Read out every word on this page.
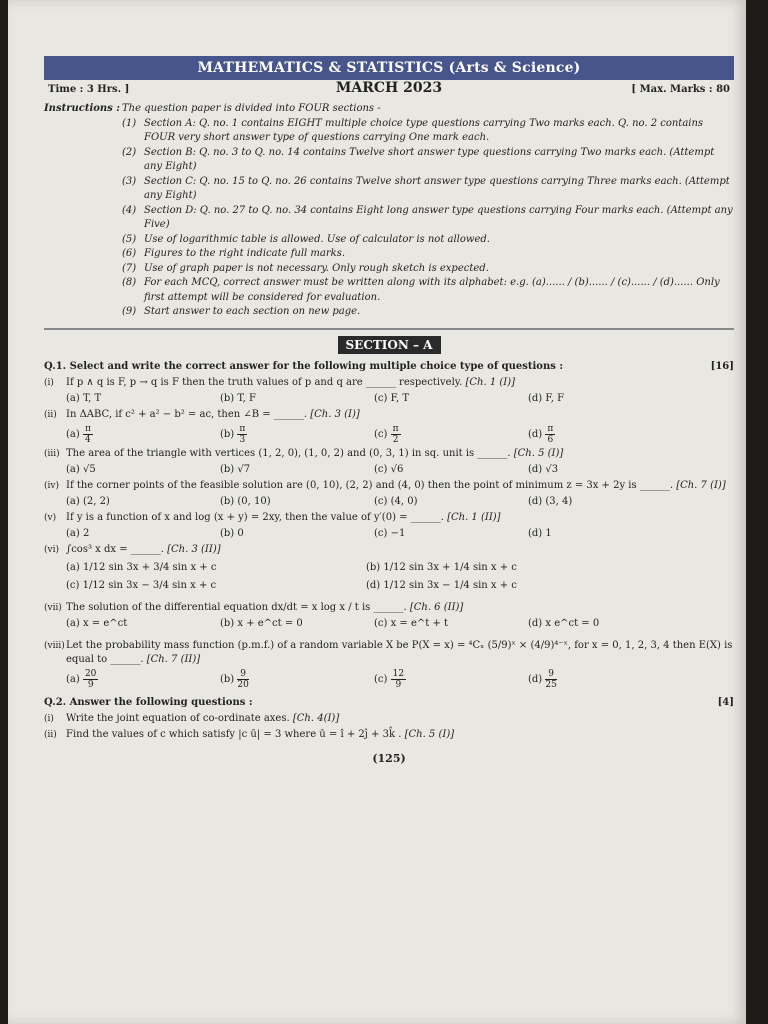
MATHEMATICS & STATISTICS (Arts & Science)
Time : 3 Hrs. ]	MARCH 2023	[ Max. Marks : 80
Instructions : The question paper is divided into FOUR sections -
(1) Section A: Q. no. 1 contains EIGHT multiple choice type questions carrying Two marks each. Q. no. 2 contains FOUR very short answer type of questions carrying One mark each.
(2) Section B: Q. no. 3 to Q. no. 14 contains Twelve short answer type questions carrying Two marks each. (Attempt any Eight)
(3) Section C: Q. no. 15 to Q. no. 26 contains Twelve short answer type questions carrying Three marks each. (Attempt any Eight)
(4) Section D: Q. no. 27 to Q. no. 34 contains Eight long answer type questions carrying Four marks each. (Attempt any Five)
(5) Use of logarithmic table is allowed. Use of calculator is not allowed.
(6) Figures to the right indicate full marks.
(7) Use of graph paper is not necessary. Only rough sketch is expected.
(8) For each MCQ, correct answer must be written along with its alphabet: e.g. (a)...... / (b)...... / (c)...... / (d)...... Only first attempt will be considered for evaluation.
(9) Start answer to each section on new page.
SECTION – A
Q.1. Select and write the correct answer for the following multiple choice type of questions :	[16]
(i)	If p ∧ q is F, p → q is F then the truth values of p and q are ______ respectively. [Ch. 1 (I)]
(a) T, T	(b) T, F	(c) F, T	(d) F, F
(ii) In ΔABC, if c² + a² − b² = ac, then ∠B = ______. [Ch. 3 (I)]
$(a) \frac{\pi}{4}$	$(b) \frac{\pi}{3}$	$(c) \frac{\pi}{2}$	$(d) \frac{\pi}{6}$
(iii) The area of the triangle with vertices (1, 2, 0), (1, 0, 2) and (0, 3, 1) in sq. unit is ______. [Ch. 5 (I)]
(a) √5	(b) √7	(c) √6	(d) √3
(iv) If the corner points of the feasible solution are (0, 10), (2, 2) and (4, 0) then the point of minimum z = 3x + 2y is ______. [Ch. 7 (I)]
(a) (2, 2)	(b) (0, 10)	(c) (4, 0)	(d) (3, 4)
(v) If y is a function of x and log (x + y) = 2xy, then the value of y′(0) = ______. [Ch. 1 (II)]
(a) 2	(b) 0	(c) −1	(d) 1
(vi) ∫cos³ x dx = ______. [Ch. 3 (II)]
(a) 1/12 sin 3x + 3/4 sin x + c	(b) 1/12 sin 3x + 1/4 sin x + c
(c) 1/12 sin 3x − 3/4 sin x + c	(d) 1/12 sin 3x − 1/4 sin x + c
(vii) The solution of the differential equation dx/dt = x log x / t is ______. [Ch. 6 (II)]
(a) x = e^ct	(b) x + e^ct = 0	(c) x = e^t + t	(d) x e^ct = 0
(viii) Let the probability mass function (p.m.f.) of a random variable X be P(X = x) = ⁴Cₓ (5/9)ˣ × (4/9)⁴⁻ˣ, for x = 0, 1, 2, 3, 4 then E(X) is equal to ______. [Ch. 7 (II)]
$(a) \frac{20}{9}$	$(b) \frac{9}{20}$	$(c) \frac{12}{9}$	$(d) \frac{9}{25}$
Q.2. Answer the following questions :	[4]
(i)	Write the joint equation of co-ordinate axes. [Ch. 4(I)]
(ii) Find the values of c which satisfy |c ū| = 3 where ū = î + 2ĵ + 3k̂ . [Ch. 5 (I)]
(125)
